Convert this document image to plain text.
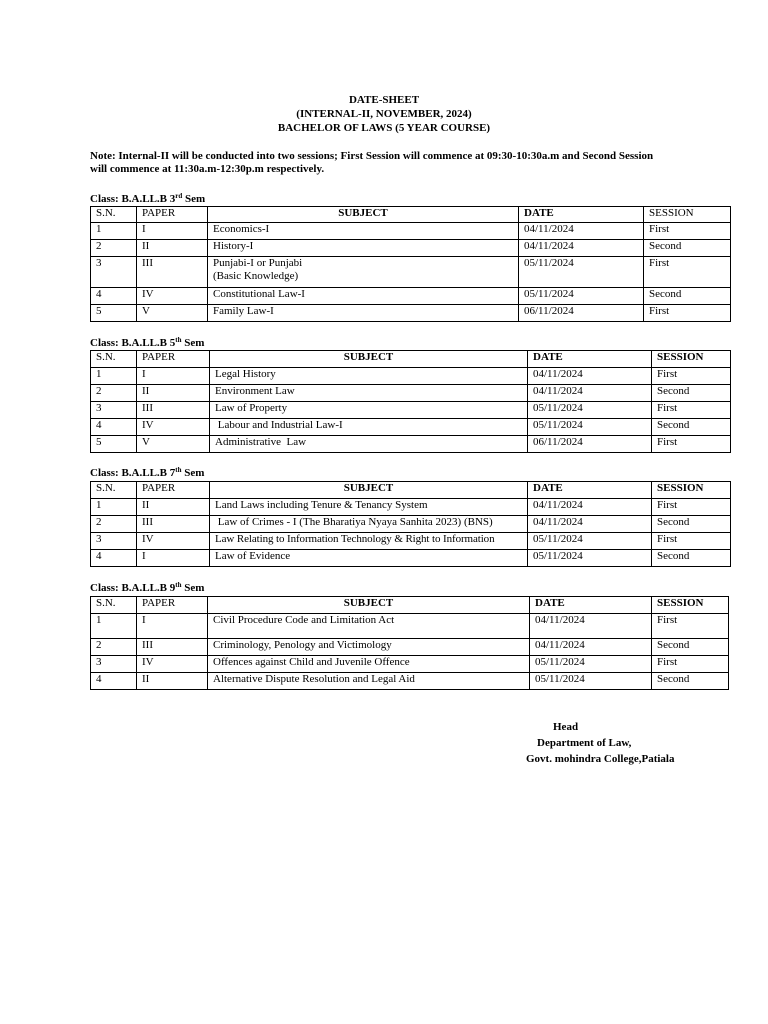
DATE-SHEET
(INTERNAL-II, NOVEMBER, 2024)
BACHELOR OF LAWS (5 YEAR COURSE)
Note: Internal-II will be conducted into two sessions; First Session will commence at 09:30-10:30a.m and Second Session
will commence at 11:30a.m-12:30p.m respectively.
Class: B.A.LL.B 3rd Sem
S.N.	PAPER	SUBJECT	DATE	SESSION
1	I	Economics-I	04/11/2024	First
2	II	History-I	04/11/2024	Second
3	III	Punjabi-I or Punjabi
(Basic Knowledge)	05/11/2024	First
4	IV	Constitutional Law-I	05/11/2024	Second
5	V	Family Law-I	06/11/2024	First
Class: B.A.LL.B 5th Sem
S.N.	PAPER	SUBJECT	DATE	SESSION
1	I	Legal History	04/11/2024	First
2	II	Environment Law	04/11/2024	Second
3	III	Law of Property	05/11/2024	First
4	IV	Labour and Industrial Law-I	05/11/2024	Second
5	V	Administrative  Law	06/11/2024	First
Class: B.A.LL.B 7th Sem
S.N.	PAPER	SUBJECT	DATE	SESSION
1	II	Land Laws including Tenure & Tenancy System	04/11/2024	First
2	III	Law of Crimes - I (The Bharatiya Nyaya Sanhita 2023) (BNS)	04/11/2024	Second
3	IV	Law Relating to Information Technology & Right to Information	05/11/2024	First
4	I	Law of Evidence	05/11/2024	Second
Class: B.A.LL.B 9th Sem
S.N.	PAPER	SUBJECT	DATE	SESSION
1	I	Civil Procedure Code and Limitation Act	04/11/2024	First
2	III	Criminology, Penology and Victimology	04/11/2024	Second
3	IV	Offences against Child and Juvenile Offence	05/11/2024	First
4	II	Alternative Dispute Resolution and Legal Aid	05/11/2024	Second
Head
Department of Law,
Govt. mohindra College,Patiala
